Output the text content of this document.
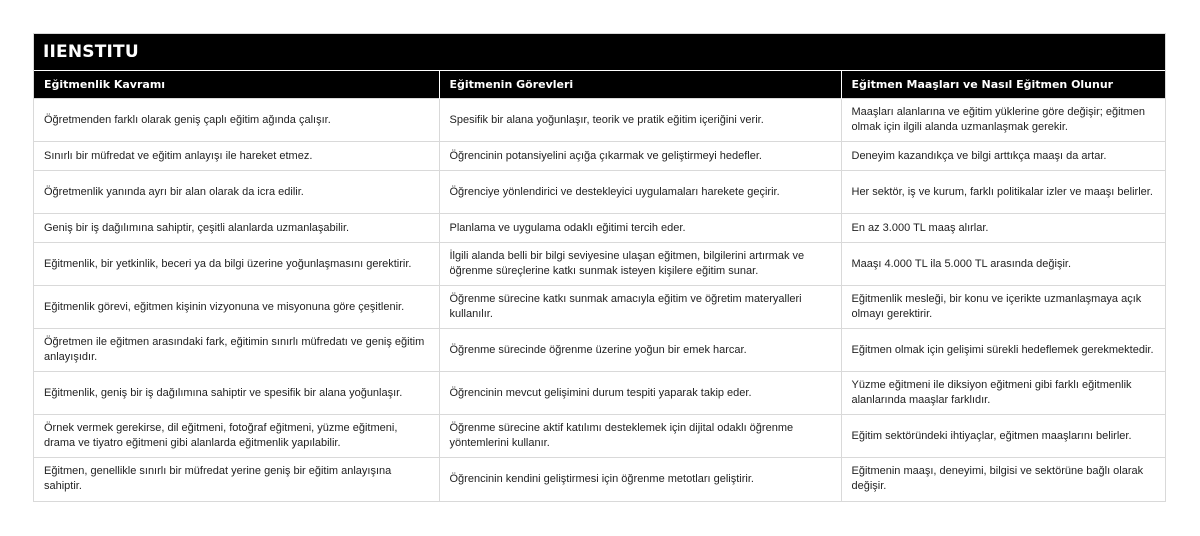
IIENSTITU
Eğitmenlik Kavramı	Eğitmenin Görevleri	Eğitmen Maaşları ve Nasıl Eğitmen Olunur
Öğretmenden farklı olarak geniş çaplı eğitim ağında çalışır.	Spesifik bir alana yoğunlaşır, teorik ve pratik eğitim içeriğini verir.	Maaşları alanlarına ve eğitim yüklerine göre değişir; eğitmen olmak için ilgili alanda uzmanlaşmak gerekir.
Sınırlı bir müfredat ve eğitim anlayışı ile hareket etmez.	Öğrencinin potansiyelini açığa çıkarmak ve geliştirmeyi hedefler.	Deneyim kazandıkça ve bilgi arttıkça maaşı da artar.
Öğretmenlik yanında ayrı bir alan olarak da icra edilir.	Öğrenciye yönlendirici ve destekleyici uygulamaları harekete geçirir.	Her sektör, iş ve kurum, farklı politikalar izler ve maaşı belirler.
Geniş bir iş dağılımına sahiptir, çeşitli alanlarda uzmanlaşabilir.	Planlama ve uygulama odaklı eğitimi tercih eder.	En az 3.000 TL maaş alırlar.
Eğitmenlik, bir yetkinlik, beceri ya da bilgi üzerine yoğunlaşmasını gerektirir.	İlgili alanda belli bir bilgi seviyesine ulaşan eğitmen, bilgilerini artırmak ve öğrenme süreçlerine katkı sunmak isteyen kişilere eğitim sunar.	Maaşı 4.000 TL ila 5.000 TL arasında değişir.
Eğitmenlik görevi, eğitmen kişinin vizyonuna ve misyonuna göre çeşitlenir.	Öğrenme sürecine katkı sunmak amacıyla eğitim ve öğretim materyalleri kullanılır.	Eğitmenlik mesleği, bir konu ve içerikte uzmanlaşmaya açık olmayı gerektirir.
Öğretmen ile eğitmen arasındaki fark, eğitimin sınırlı müfredatı ve geniş eğitim anlayışıdır.	Öğrenme sürecinde öğrenme üzerine yoğun bir emek harcar.	Eğitmen olmak için gelişimi sürekli hedeflemek gerekmektedir.
Eğitmenlik, geniş bir iş dağılımına sahiptir ve spesifik bir alana yoğunlaşır.	Öğrencinin mevcut gelişimini durum tespiti yaparak takip eder.	Yüzme eğitmeni ile diksiyon eğitmeni gibi farklı eğitmenlik alanlarında maaşlar farklıdır.
Örnek vermek gerekirse, dil eğitmeni, fotoğraf eğitmeni, yüzme eğitmeni, drama ve tiyatro eğitmeni gibi alanlarda eğitmenlik yapılabilir.	Öğrenme sürecine aktif katılımı desteklemek için dijital odaklı öğrenme yöntemlerini kullanır.	Eğitim sektöründeki ihtiyaçlar, eğitmen maaşlarını belirler.
Eğitmen, genellikle sınırlı bir müfredat yerine geniş bir eğitim anlayışına sahiptir.	Öğrencinin kendini geliştirmesi için öğrenme metotları geliştirir.	Eğitmenin maaşı, deneyimi, bilgisi ve sektörüne bağlı olarak değişir.
